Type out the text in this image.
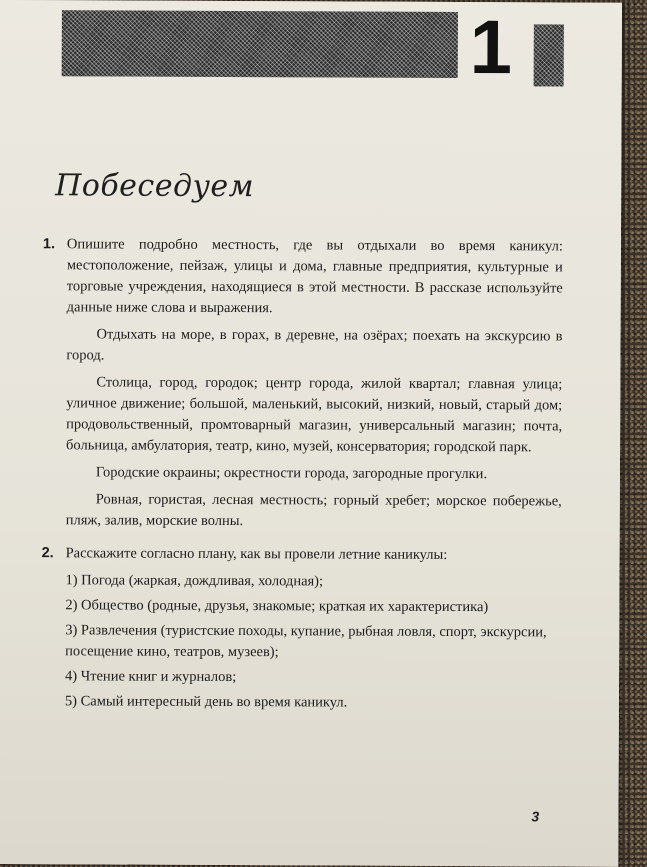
1
Побеседуем
1. Опишите подробно местность, где вы отдыхали во время каникул: местоположение, пейзаж, улицы и дома, главные предприятия, культурные и торговые учреждения, находящиеся в этой местности. В рассказе используйте данные ниже слова и выражения.

Отдыхать на море, в горах, в деревне, на озёрах; поехать на экскурсию в город.

Столица, город, городок; центр города, жилой квартал; главная улица; уличное движение; большой, маленький, высокий, низкий, новый, старый дом; продовольственный, промтоварный магазин, универсальный магазин; почта, больница, амбулатория, театр, кино, музей, консерватория; городской парк.

Городские окраины; окрестности города, загородные прогулки.

Ровная, гористая, лесная местность; горный хребет; морское побережье, пляж, залив, морские волны.

2. Расскажите согласно плану, как вы провели летние каникулы:

1) Погода (жаркая, дождливая, холодная);
2) Общество (родные, друзья, знакомые; краткая их характеристика)
3) Развлечения (туристские походы, купание, рыбная ловля, спорт, экскурсии, посещение кино, театров, музеев);
4) Чтение книг и журналов;
5) Самый интересный день во время каникул.
3
